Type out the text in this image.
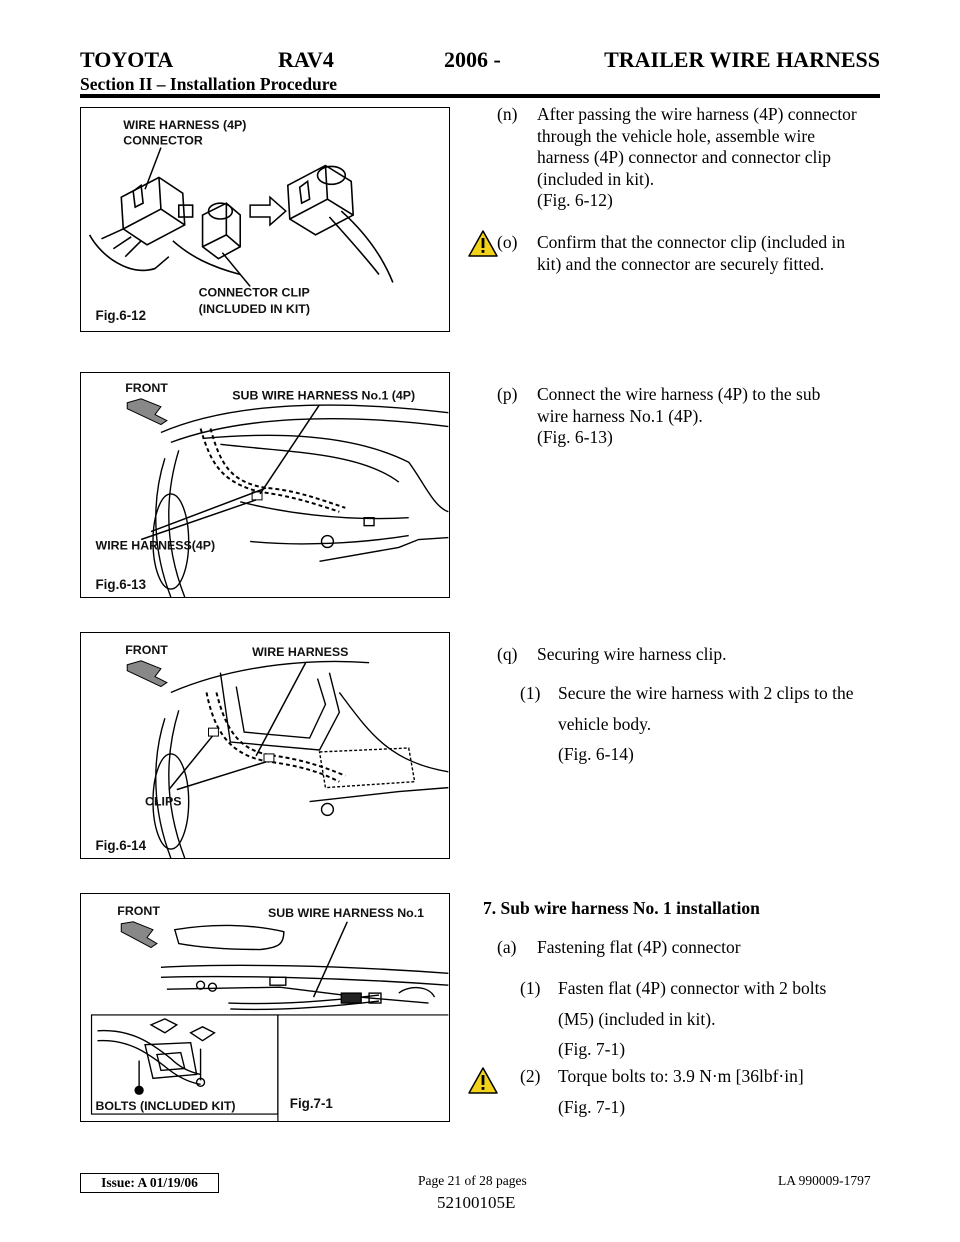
TOYOTA	RAV4	2006 -	TRAILER WIRE HARNESS
Section II – Installation Procedure
WIRE HARNESS (4P)
CONNECTOR
CONNECTOR CLIP
(INCLUDED IN KIT)
Fig.6-12
FRONT
SUB WIRE HARNESS No.1 (4P)
WIRE HARNESS(4P)
Fig.6-13
FRONT	WIRE HARNESS
CLIPS
Fig.6-14
FRONT	SUB WIRE HARNESS No.1
BOLTS (INCLUDED KIT)	Fig.7-1
(n) After passing the wire harness (4P) connector
through the vehicle hole, assemble wire
harness (4P) connector and connector clip
(included in kit).
(Fig. 6-12)
(o) Confirm that the connector clip (included in
kit) and the connector are securely fitted.
(p) Connect the wire harness (4P) to the sub
wire harness No.1 (4P).
(Fig. 6-13)
(q) Securing wire harness clip.
(1) Secure the wire harness with 2 clips to the
vehicle body.
(Fig. 6-14)
7. Sub wire harness No. 1 installation
(a) Fastening flat (4P) connector
(1) Fasten flat (4P) connector with 2 bolts
(M5) (included in kit).
(Fig. 7-1)
(2) Torque bolts to: 3.9 N·m [36lbf·in]
(Fig. 7-1)
Issue: A 01/19/06	Page 21 of 28 pages	LA 990009-1797
52100105E
